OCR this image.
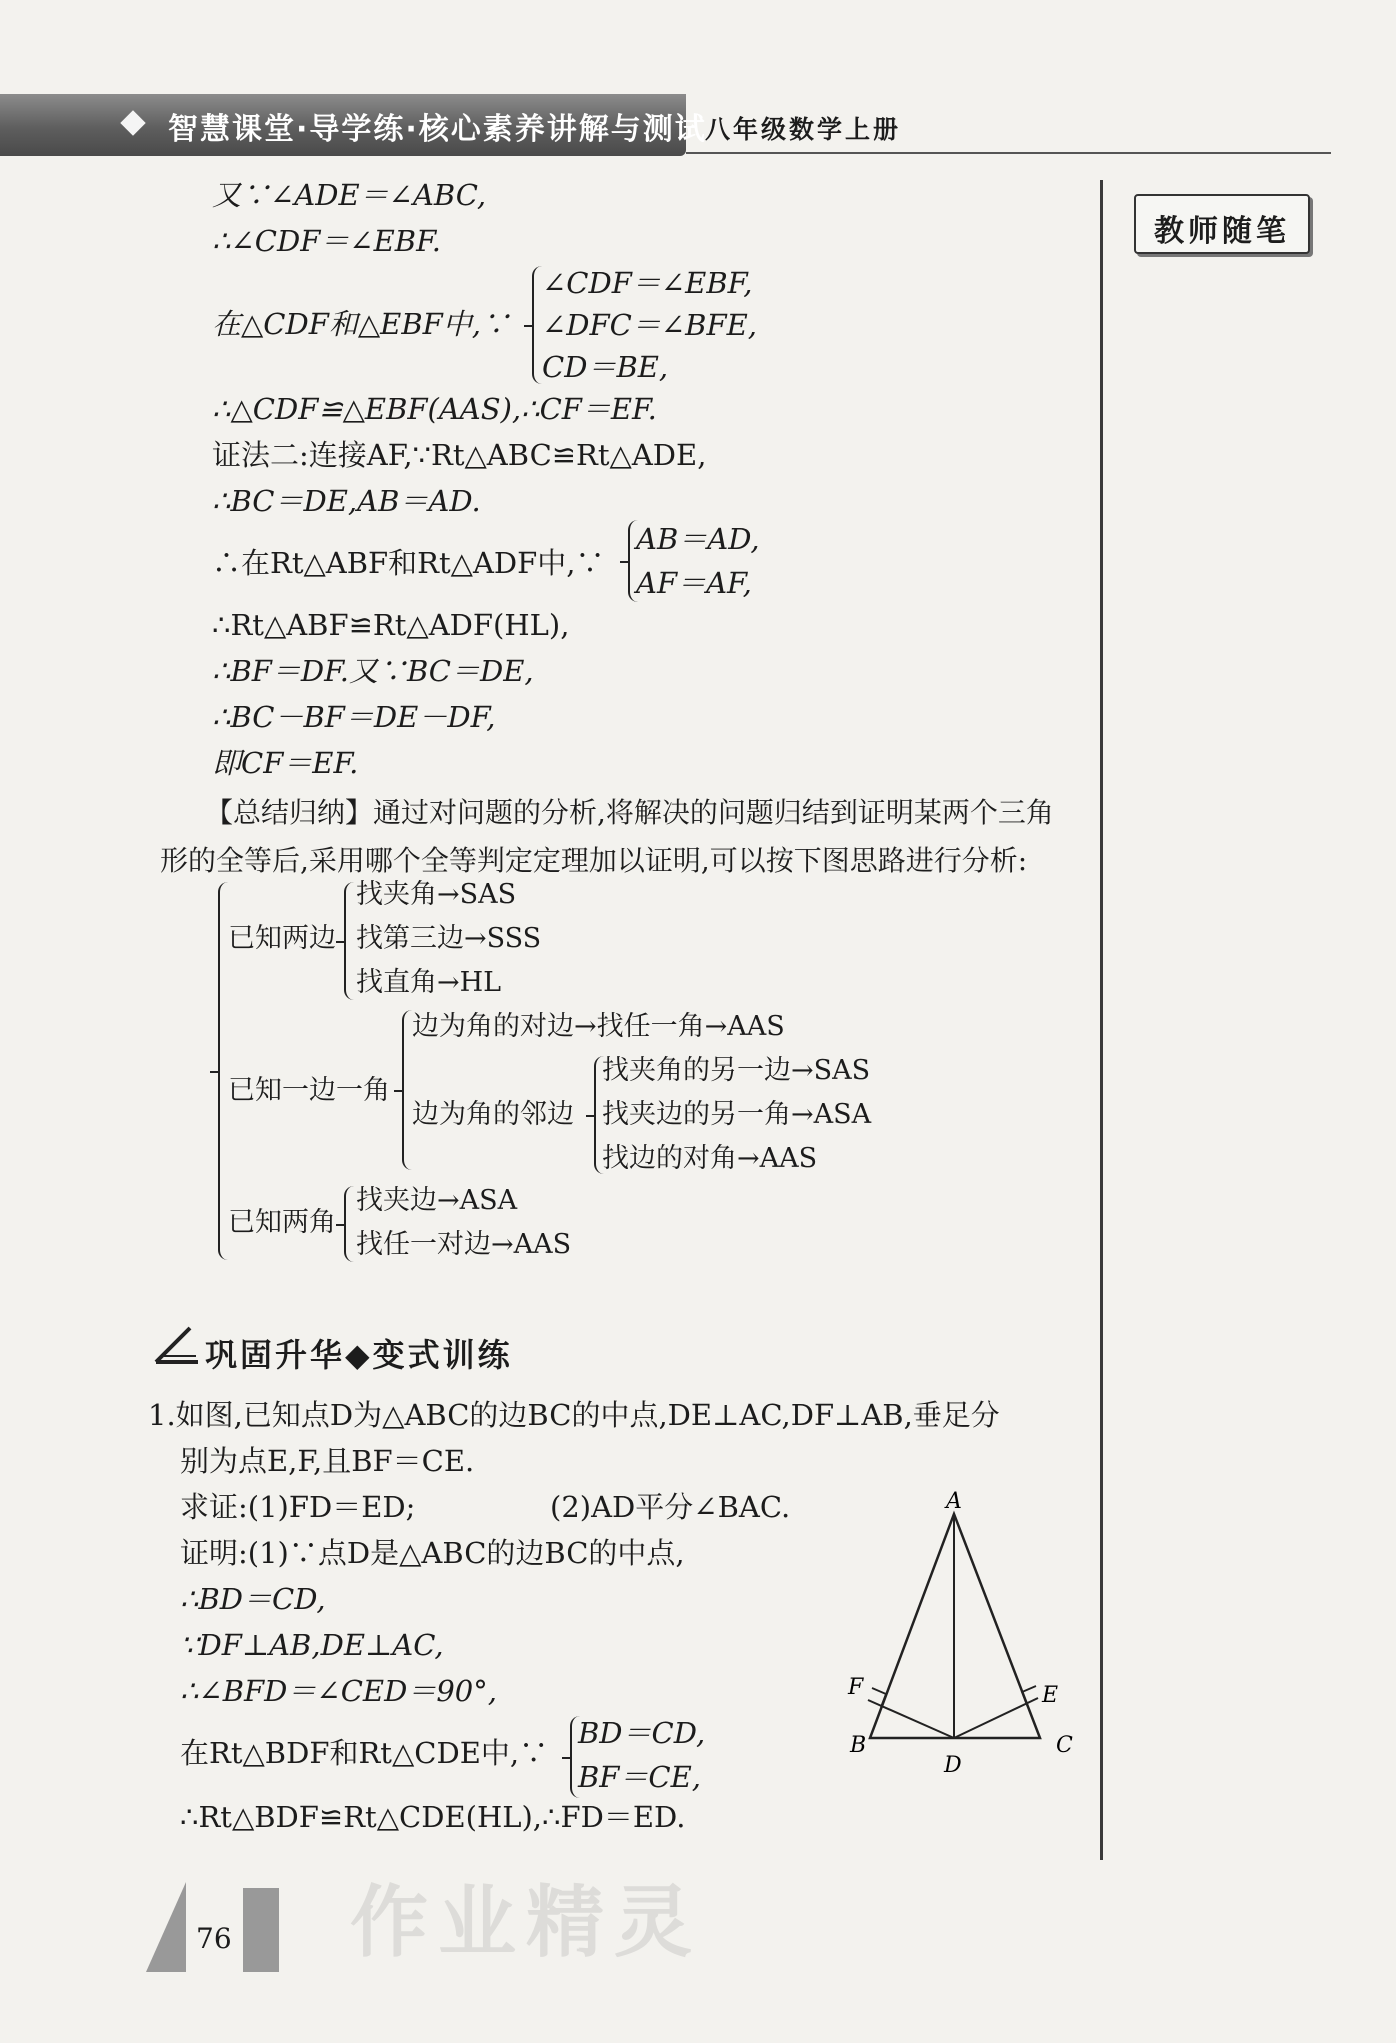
智慧课堂·导学练·核心素养讲解与测试
八年级数学上册
教师随笔
又∵∠ADE＝∠ABC,
∴∠CDF＝∠EBF.
在△CDF和△EBF中,∵
∠CDF＝∠EBF,
∠DFC＝∠BFE,
CD＝BE,
∴△CDF≌△EBF(AAS),∴CF＝EF.
证法二:连接AF,∵Rt△ABC≌Rt△ADE,
∴BC＝DE,AB＝AD.
∴在Rt△ABF和Rt△ADF中,∵
AB＝AD,
AF＝AF,
∴Rt△ABF≌Rt△ADF(HL),
∴BF＝DF.又∵BC＝DE,
∴BC－BF＝DE－DF,
即CF＝EF.
【总结归纳】通过对问题的分析,将解决的问题归结到证明某两个三角
形的全等后,采用哪个全等判定定理加以证明,可以按下图思路进行分析:
已知两边
找夹角→SAS
找第三边→SSS
找直角→HL
已知一边一角
边为角的对边→找任一角→AAS
边为角的邻边
找夹角的另一边→SAS
找夹边的另一角→ASA
找边的对角→AAS
已知两角
找夹边→ASA
找任一对边→AAS
巩固升华◆变式训练
1.如图,已知点D为△ABC的边BC的中点,DE⊥AC,DF⊥AB,垂足分
别为点E,F,且BF＝CE.
求证:(1)FD＝ED;	(2)AD平分∠BAC.
证明:(1)∵点D是△ABC的边BC的中点,
∴BD＝CD,
∵DF⊥AB,DE⊥AC,
∴∠BFD＝∠CED＝90°,
在Rt△BDF和Rt△CDE中,∵
BD＝CD,
BF＝CE,
∴Rt△BDF≌Rt△CDE(HL),∴FD＝ED.
A
B	C
D
E
F
作业精灵
76
